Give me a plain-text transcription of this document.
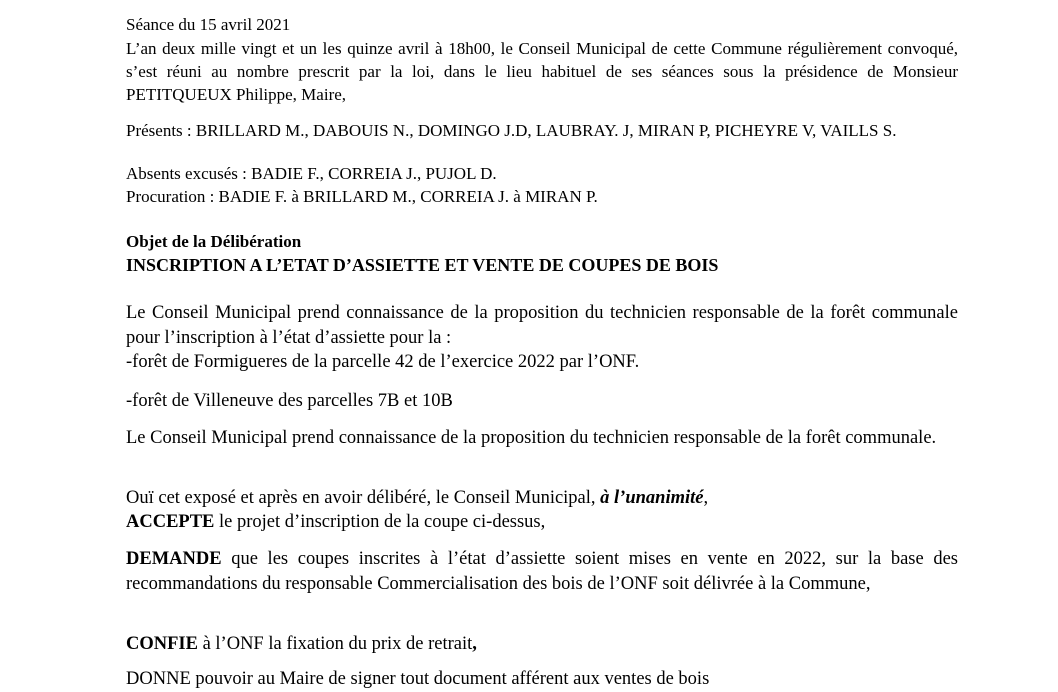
Séance du 15 avril 2021

L’an deux mille vingt et un les quinze avril à 18h00, le Conseil Municipal de cette Commune régulièrement convoqué, s’est réuni au nombre prescrit par la loi, dans le lieu habituel de ses séances sous la présidence de Monsieur PETITQUEUX Philippe, Maire,

Présents : BRILLARD M., DABOUIS N., DOMINGO J.D, LAUBRAY. J, MIRAN P, PICHEYRE V, VAILLS S.

Absents excusés : BADIE F., CORREIA J., PUJOL D.

Procuration : BADIE F. à BRILLARD M., CORREIA J. à MIRAN P.

Objet de la Délibération

INSCRIPTION A L’ETAT D’ASSIETTE ET VENTE DE COUPES DE BOIS

Le Conseil Municipal prend connaissance de la proposition du technicien responsable de la forêt communale pour l’inscription à l’état d’assiette pour la :

-forêt de Formigueres de la parcelle 42 de l’exercice 2022 par l’ONF.

-forêt de Villeneuve des parcelles 7B et 10B

Le Conseil Municipal prend connaissance de la proposition du technicien responsable de la forêt communale.

Ouï cet exposé et après en avoir délibéré, le Conseil Municipal, à l’unanimité,

ACCEPTE le projet d’inscription de la coupe ci-dessus,

DEMANDE que les coupes inscrites à l’état d’assiette soient mises en vente en 2022, sur la base des recommandations du responsable Commercialisation des bois de l’ONF soit délivrée à la Commune,

CONFIE à l’ONF la fixation du prix de retrait,

DONNE pouvoir au Maire de signer tout document afférent aux ventes de bois
